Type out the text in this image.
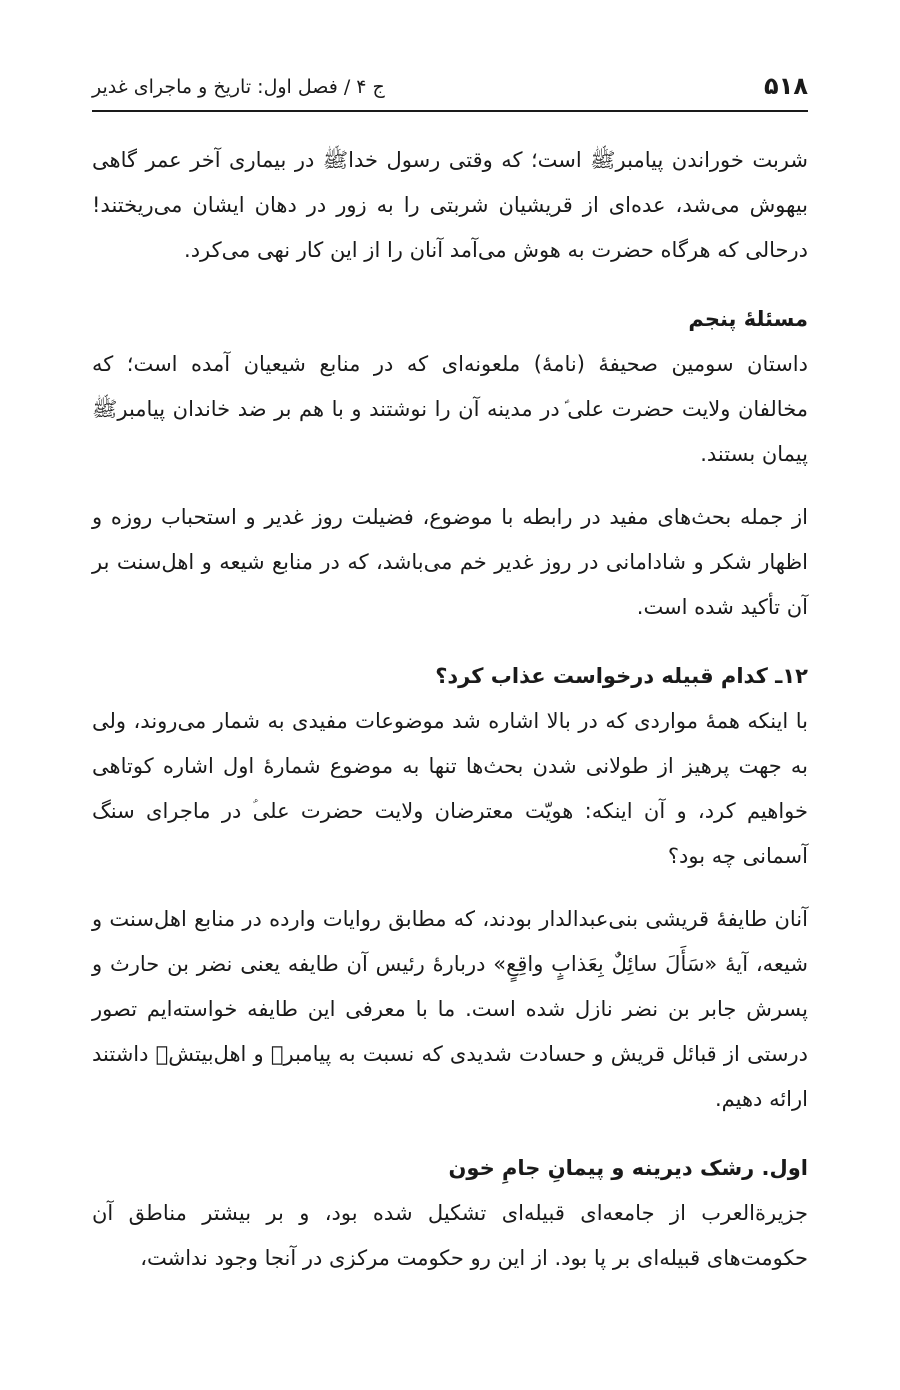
۵۱۸
ج ۴ / فصل اول: تاریخ و ماجرای غدیر

شربت خوراندن پیامبرﷺ است؛ که وقتی رسول خداﷺ در بیماری آخر عمر گاهی بیهوش می‌شد، عده‌ای از قریشیان شربتی را به زور در دهان ایشان می‌ریختند! درحالی که هرگاه حضرت به هوش می‌آمد آنان را از این کار نهی می‌کرد.

مسئلۀ پنجم

داستان سومین صحیفۀ (نامۀ) ملعونه‌ای که در منابع شیعیان آمده است؛ که مخالفان ولایت حضرت علی‌ؑ در مدینه آن را نوشتند و با هم بر ضد خاندان پیامبرﷺ پیمان بستند.

از جمله بحث‌های مفید در رابطه با موضوع، فضیلت روز غدیر و استحباب روزه و اظهار شکر و شادامانی در روز غدیر خم می‌باشد، که در منابع شیعه و اهل‌سنت بر آن تأکید شده است.

۱۲ـ کدام قبیله درخواست عذاب کرد؟

با اینکه همۀ مواردی که در بالا اشاره شد موضوعات مفیدی به شمار می‌روند، ولی به جهت پرهیز از طولانی شدن بحث‌ها تنها به موضوع شمارۀ اول اشاره کوتاهی خواهیم کرد، و آن اینکه: هویّت معترضان ولایت حضرت علی‌ؑ در ماجرای سنگ آسمانی چه بود؟

آنان طایفۀ قریشی بنی‌عبدالدار بودند، که مطابق روایات وارده در منابع اهل‌سنت و شیعه، آیۀ «سَأَلَ سائِلٌ بِعَذابٍ واقِعٍ» دربارۀ رئیس آن طایفه یعنی نضر بن حارث و پسرش جابر بن نضر نازل شده است. ما با معرفی این طایفه خواسته‌ایم تصور درستی از قبائل قریش و حسادت شدیدی که نسبت به پیامبرﷺ و اهل‌بیتشؑ داشتند ارائه دهیم.

اول. رشک دیرینه و پیمانِ جامِ خون

جزیرةالعرب از جامعه‌ای قبیله‌ای تشکیل شده بود، و بر بیشتر مناطق آن حکومت‌های قبیله‌ای بر پا بود. از این رو حکومت مرکزی در آنجا وجود نداشت،
